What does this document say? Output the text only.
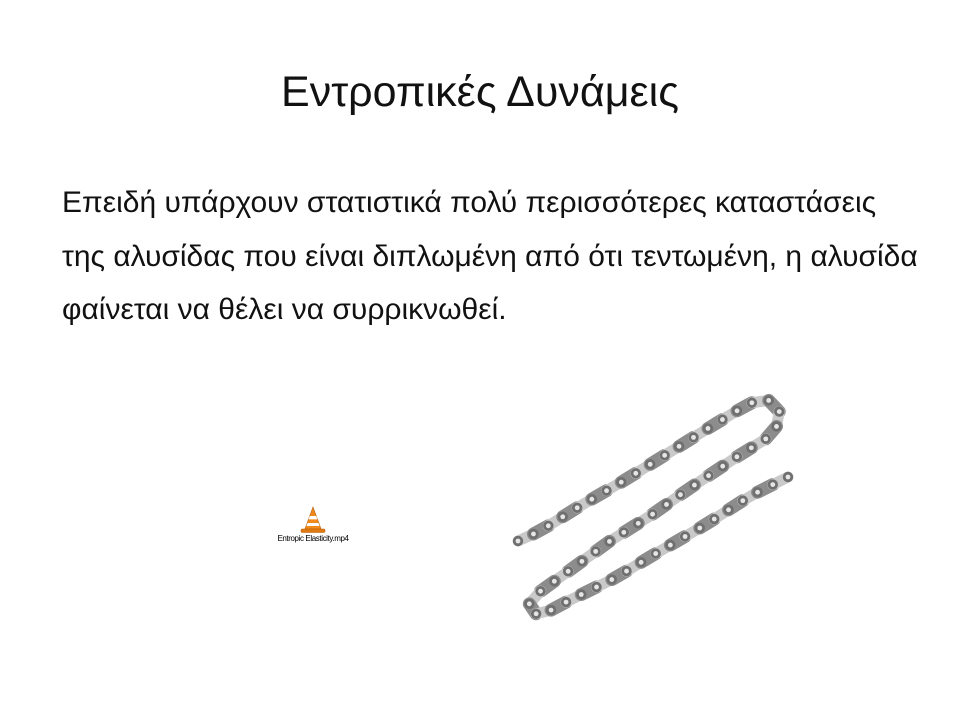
Εντροπικές Δυνάμεις

Επειδή υπάρχουν στατιστικά πολύ περισσότερες καταστάσεις της αλυσίδας που είναι διπλωμένη από ότι τεντωμένη, η αλυσίδα φαίνεται να θέλει να συρρικνωθεί.

Entropic Elasticity.mp4
